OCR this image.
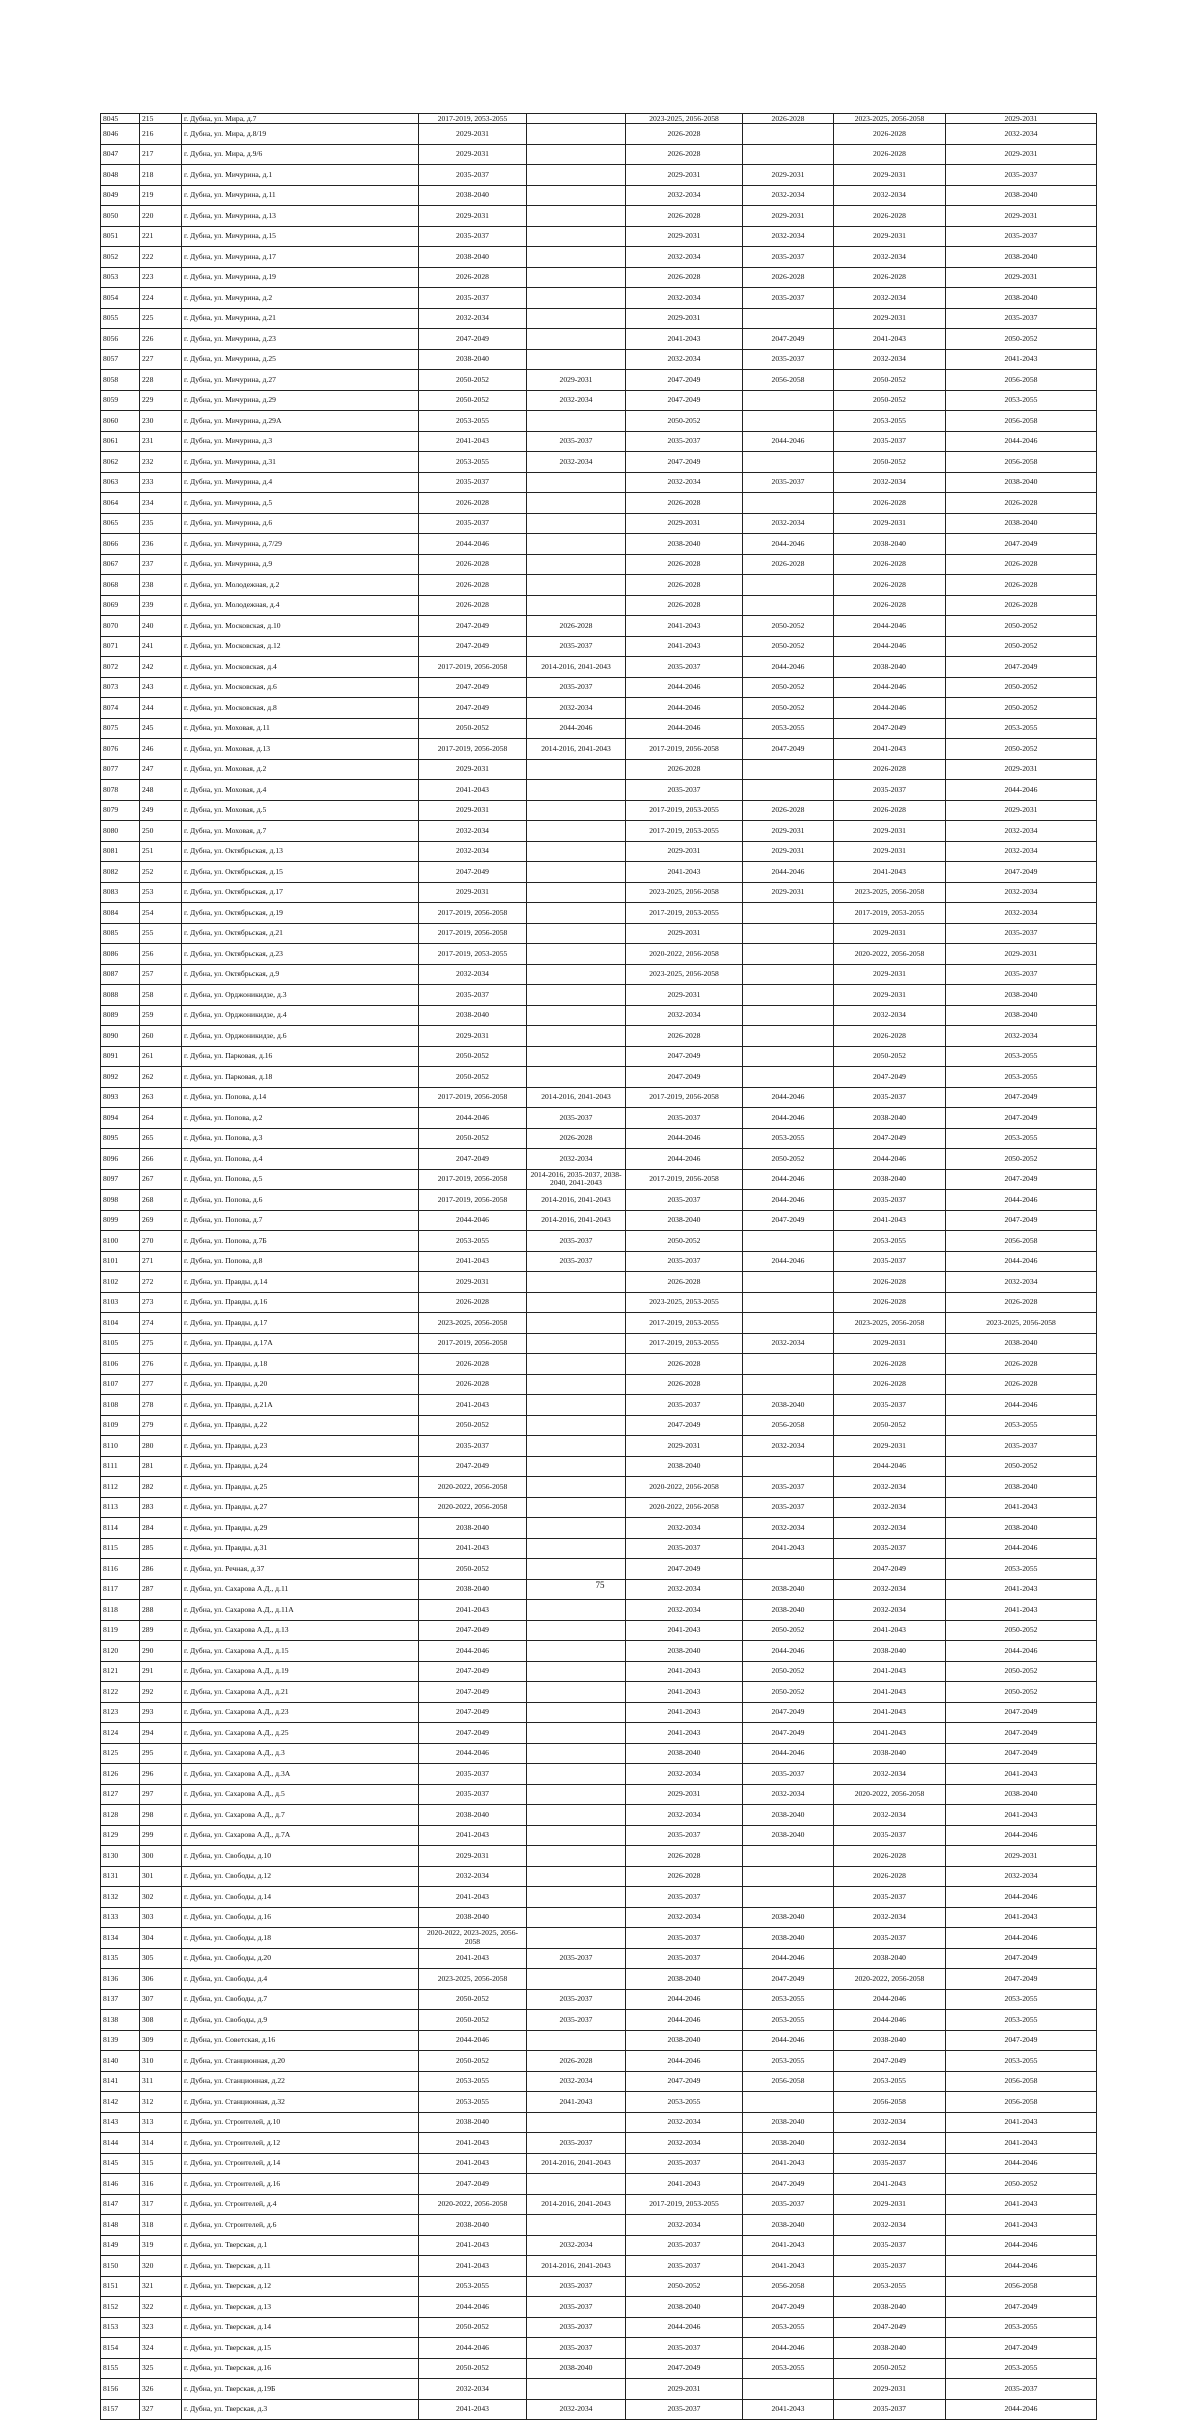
8045	215	г. Дубна, ул. Мира, д.7	2017-2019, 2053-2055		2023-2025, 2056-2058	2026-2028	2023-2025, 2056-2058	2029-2031
8046	216	г. Дубна, ул. Мира, д.8/19	2029-2031		2026-2028		2026-2028	2032-2034
8047	217	г. Дубна, ул. Мира, д.9/6	2029-2031		2026-2028		2026-2028	2029-2031
8048	218	г. Дубна, ул. Мичурина, д.1	2035-2037		2029-2031	2029-2031	2029-2031	2035-2037
8049	219	г. Дубна, ул. Мичурина, д.11	2038-2040		2032-2034	2032-2034	2032-2034	2038-2040
8050	220	г. Дубна, ул. Мичурина, д.13	2029-2031		2026-2028	2029-2031	2026-2028	2029-2031
8051	221	г. Дубна, ул. Мичурина, д.15	2035-2037		2029-2031	2032-2034	2029-2031	2035-2037
8052	222	г. Дубна, ул. Мичурина, д.17	2038-2040		2032-2034	2035-2037	2032-2034	2038-2040
8053	223	г. Дубна, ул. Мичурина, д.19	2026-2028		2026-2028	2026-2028	2026-2028	2029-2031
8054	224	г. Дубна, ул. Мичурина, д.2	2035-2037		2032-2034	2035-2037	2032-2034	2038-2040
8055	225	г. Дубна, ул. Мичурина, д.21	2032-2034		2029-2031		2029-2031	2035-2037
8056	226	г. Дубна, ул. Мичурина, д.23	2047-2049		2041-2043	2047-2049	2041-2043	2050-2052
8057	227	г. Дубна, ул. Мичурина, д.25	2038-2040		2032-2034	2035-2037	2032-2034	2041-2043
8058	228	г. Дубна, ул. Мичурина, д.27	2050-2052	2029-2031	2047-2049	2056-2058	2050-2052	2056-2058
8059	229	г. Дубна, ул. Мичурина, д.29	2050-2052	2032-2034	2047-2049		2050-2052	2053-2055
8060	230	г. Дубна, ул. Мичурина, д.29А	2053-2055		2050-2052		2053-2055	2056-2058
8061	231	г. Дубна, ул. Мичурина, д.3	2041-2043	2035-2037	2035-2037	2044-2046	2035-2037	2044-2046
8062	232	г. Дубна, ул. Мичурина, д.31	2053-2055	2032-2034	2047-2049		2050-2052	2056-2058
8063	233	г. Дубна, ул. Мичурина, д.4	2035-2037		2032-2034	2035-2037	2032-2034	2038-2040
8064	234	г. Дубна, ул. Мичурина, д.5	2026-2028		2026-2028		2026-2028	2026-2028
8065	235	г. Дубна, ул. Мичурина, д.6	2035-2037		2029-2031	2032-2034	2029-2031	2038-2040
8066	236	г. Дубна, ул. Мичурина, д.7/29	2044-2046		2038-2040	2044-2046	2038-2040	2047-2049
8067	237	г. Дубна, ул. Мичурина, д.9	2026-2028		2026-2028	2026-2028	2026-2028	2026-2028
8068	238	г. Дубна, ул. Молодежная, д.2	2026-2028		2026-2028		2026-2028	2026-2028
8069	239	г. Дубна, ул. Молодежная, д.4	2026-2028		2026-2028		2026-2028	2026-2028
8070	240	г. Дубна, ул. Московская, д.10	2047-2049	2026-2028	2041-2043	2050-2052	2044-2046	2050-2052
8071	241	г. Дубна, ул. Московская, д.12	2047-2049	2035-2037	2041-2043	2050-2052	2044-2046	2050-2052
8072	242	г. Дубна, ул. Московская, д.4	2017-2019, 2056-2058	2014-2016, 2041-2043	2035-2037	2044-2046	2038-2040	2047-2049
8073	243	г. Дубна, ул. Московская, д.6	2047-2049	2035-2037	2044-2046	2050-2052	2044-2046	2050-2052
8074	244	г. Дубна, ул. Московская, д.8	2047-2049	2032-2034	2044-2046	2050-2052	2044-2046	2050-2052
8075	245	г. Дубна, ул. Моховая, д.11	2050-2052	2044-2046	2044-2046	2053-2055	2047-2049	2053-2055
8076	246	г. Дубна, ул. Моховая, д.13	2017-2019, 2056-2058	2014-2016, 2041-2043	2017-2019, 2056-2058	2047-2049	2041-2043	2050-2052
8077	247	г. Дубна, ул. Моховая, д.2	2029-2031		2026-2028		2026-2028	2029-2031
8078	248	г. Дубна, ул. Моховая, д.4	2041-2043		2035-2037		2035-2037	2044-2046
8079	249	г. Дубна, ул. Моховая, д.5	2029-2031		2017-2019, 2053-2055	2026-2028	2026-2028	2029-2031
8080	250	г. Дубна, ул. Моховая, д.7	2032-2034		2017-2019, 2053-2055	2029-2031	2029-2031	2032-2034
8081	251	г. Дубна, ул. Октябрьская, д.13	2032-2034		2029-2031	2029-2031	2029-2031	2032-2034
8082	252	г. Дубна, ул. Октябрьская, д.15	2047-2049		2041-2043	2044-2046	2041-2043	2047-2049
8083	253	г. Дубна, ул. Октябрьская, д.17	2029-2031		2023-2025, 2056-2058	2029-2031	2023-2025, 2056-2058	2032-2034
8084	254	г. Дубна, ул. Октябрьская, д.19	2017-2019, 2056-2058		2017-2019, 2053-2055		2017-2019, 2053-2055	2032-2034
8085	255	г. Дубна, ул. Октябрьская, д.21	2017-2019, 2056-2058		2029-2031		2029-2031	2035-2037
8086	256	г. Дубна, ул. Октябрьская, д.23	2017-2019, 2053-2055		2020-2022, 2056-2058		2020-2022, 2056-2058	2029-2031
8087	257	г. Дубна, ул. Октябрьская, д.9	2032-2034		2023-2025, 2056-2058		2029-2031	2035-2037
8088	258	г. Дубна, ул. Орджоникидзе, д.3	2035-2037		2029-2031		2029-2031	2038-2040
8089	259	г. Дубна, ул. Орджоникидзе, д.4	2038-2040		2032-2034		2032-2034	2038-2040
8090	260	г. Дубна, ул. Орджоникидзе, д.6	2029-2031		2026-2028		2026-2028	2032-2034
8091	261	г. Дубна, ул. Парковая, д.16	2050-2052		2047-2049		2050-2052	2053-2055
8092	262	г. Дубна, ул. Парковая, д.18	2050-2052		2047-2049		2047-2049	2053-2055
8093	263	г. Дубна, ул. Попова, д.14	2017-2019, 2056-2058	2014-2016, 2041-2043	2017-2019, 2056-2058	2044-2046	2035-2037	2047-2049
8094	264	г. Дубна, ул. Попова, д.2	2044-2046	2035-2037	2035-2037	2044-2046	2038-2040	2047-2049
8095	265	г. Дубна, ул. Попова, д.3	2050-2052	2026-2028	2044-2046	2053-2055	2047-2049	2053-2055
8096	266	г. Дубна, ул. Попова, д.4	2047-2049	2032-2034	2044-2046	2050-2052	2044-2046	2050-2052
8097	267	г. Дубна, ул. Попова, д.5	2017-2019, 2056-2058	2014-2016, 2035-2037, 2038-2040, 2041-2043	2017-2019, 2056-2058	2044-2046	2038-2040	2047-2049
8098	268	г. Дубна, ул. Попова, д.6	2017-2019, 2056-2058	2014-2016, 2041-2043	2035-2037	2044-2046	2035-2037	2044-2046
8099	269	г. Дубна, ул. Попова, д.7	2044-2046	2014-2016, 2041-2043	2038-2040	2047-2049	2041-2043	2047-2049
8100	270	г. Дубна, ул. Попова, д.7Б	2053-2055	2035-2037	2050-2052		2053-2055	2056-2058
8101	271	г. Дубна, ул. Попова, д.8	2041-2043	2035-2037	2035-2037	2044-2046	2035-2037	2044-2046
8102	272	г. Дубна, ул. Правды, д.14	2029-2031		2026-2028		2026-2028	2032-2034
8103	273	г. Дубна, ул. Правды, д.16	2026-2028		2023-2025, 2053-2055		2026-2028	2026-2028
8104	274	г. Дубна, ул. Правды, д.17	2023-2025, 2056-2058		2017-2019, 2053-2055		2023-2025, 2056-2058	2023-2025, 2056-2058
8105	275	г. Дубна, ул. Правды, д.17А	2017-2019, 2056-2058		2017-2019, 2053-2055	2032-2034	2029-2031	2038-2040
8106	276	г. Дубна, ул. Правды, д.18	2026-2028		2026-2028		2026-2028	2026-2028
8107	277	г. Дубна, ул. Правды, д.20	2026-2028		2026-2028		2026-2028	2026-2028
8108	278	г. Дубна, ул. Правды, д.21А	2041-2043		2035-2037	2038-2040	2035-2037	2044-2046
8109	279	г. Дубна, ул. Правды, д.22	2050-2052		2047-2049	2056-2058	2050-2052	2053-2055
8110	280	г. Дубна, ул. Правды, д.23	2035-2037		2029-2031	2032-2034	2029-2031	2035-2037
8111	281	г. Дубна, ул. Правды, д.24	2047-2049		2038-2040		2044-2046	2050-2052
8112	282	г. Дубна, ул. Правды, д.25	2020-2022, 2056-2058		2020-2022, 2056-2058	2035-2037	2032-2034	2038-2040
8113	283	г. Дубна, ул. Правды, д.27	2020-2022, 2056-2058		2020-2022, 2056-2058	2035-2037	2032-2034	2041-2043
8114	284	г. Дубна, ул. Правды, д.29	2038-2040		2032-2034	2032-2034	2032-2034	2038-2040
8115	285	г. Дубна, ул. Правды, д.31	2041-2043		2035-2037	2041-2043	2035-2037	2044-2046
8116	286	г. Дубна, ул. Речная, д.37	2050-2052		2047-2049		2047-2049	2053-2055
8117	287	г. Дубна, ул. Сахарова А.Д., д.11	2038-2040		2032-2034	2038-2040	2032-2034	2041-2043
8118	288	г. Дубна, ул. Сахарова А.Д., д.11А	2041-2043		2032-2034	2038-2040	2032-2034	2041-2043
8119	289	г. Дубна, ул. Сахарова А.Д., д.13	2047-2049		2041-2043	2050-2052	2041-2043	2050-2052
8120	290	г. Дубна, ул. Сахарова А.Д., д.15	2044-2046		2038-2040	2044-2046	2038-2040	2044-2046
8121	291	г. Дубна, ул. Сахарова А.Д., д.19	2047-2049		2041-2043	2050-2052	2041-2043	2050-2052
8122	292	г. Дубна, ул. Сахарова А.Д., д.21	2047-2049		2041-2043	2050-2052	2041-2043	2050-2052
8123	293	г. Дубна, ул. Сахарова А.Д., д.23	2047-2049		2041-2043	2047-2049	2041-2043	2047-2049
8124	294	г. Дубна, ул. Сахарова А.Д., д.25	2047-2049		2041-2043	2047-2049	2041-2043	2047-2049
8125	295	г. Дубна, ул. Сахарова А.Д., д.3	2044-2046		2038-2040	2044-2046	2038-2040	2047-2049
8126	296	г. Дубна, ул. Сахарова А.Д., д.3А	2035-2037		2032-2034	2035-2037	2032-2034	2041-2043
8127	297	г. Дубна, ул. Сахарова А.Д., д.5	2035-2037		2029-2031	2032-2034	2020-2022, 2056-2058	2038-2040
8128	298	г. Дубна, ул. Сахарова А.Д., д.7	2038-2040		2032-2034	2038-2040	2032-2034	2041-2043
8129	299	г. Дубна, ул. Сахарова А.Д., д.7А	2041-2043		2035-2037	2038-2040	2035-2037	2044-2046
8130	300	г. Дубна, ул. Свободы, д.10	2029-2031		2026-2028		2026-2028	2029-2031
8131	301	г. Дубна, ул. Свободы, д.12	2032-2034		2026-2028		2026-2028	2032-2034
8132	302	г. Дубна, ул. Свободы, д.14	2041-2043		2035-2037		2035-2037	2044-2046
8133	303	г. Дубна, ул. Свободы, д.16	2038-2040		2032-2034	2038-2040	2032-2034	2041-2043
8134	304	г. Дубна, ул. Свободы, д.18	2020-2022, 2023-2025, 2056-2058		2035-2037	2038-2040	2035-2037	2044-2046
8135	305	г. Дубна, ул. Свободы, д.20	2041-2043	2035-2037	2035-2037	2044-2046	2038-2040	2047-2049
8136	306	г. Дубна, ул. Свободы, д.4	2023-2025, 2056-2058		2038-2040	2047-2049	2020-2022, 2056-2058	2047-2049
8137	307	г. Дубна, ул. Свободы, д.7	2050-2052	2035-2037	2044-2046	2053-2055	2044-2046	2053-2055
8138	308	г. Дубна, ул. Свободы, д.9	2050-2052	2035-2037	2044-2046	2053-2055	2044-2046	2053-2055
8139	309	г. Дубна, ул. Советская, д.16	2044-2046		2038-2040	2044-2046	2038-2040	2047-2049
8140	310	г. Дубна, ул. Станционная, д.20	2050-2052	2026-2028	2044-2046	2053-2055	2047-2049	2053-2055
8141	311	г. Дубна, ул. Станционная, д.22	2053-2055	2032-2034	2047-2049	2056-2058	2053-2055	2056-2058
8142	312	г. Дубна, ул. Станционная, д.32	2053-2055	2041-2043	2053-2055		2056-2058	2056-2058
8143	313	г. Дубна, ул. Строителей, д.10	2038-2040		2032-2034	2038-2040	2032-2034	2041-2043
8144	314	г. Дубна, ул. Строителей, д.12	2041-2043	2035-2037	2032-2034	2038-2040	2032-2034	2041-2043
8145	315	г. Дубна, ул. Строителей, д.14	2041-2043	2014-2016, 2041-2043	2035-2037	2041-2043	2035-2037	2044-2046
8146	316	г. Дубна, ул. Строителей, д.16	2047-2049		2041-2043	2047-2049	2041-2043	2050-2052
8147	317	г. Дубна, ул. Строителей, д.4	2020-2022, 2056-2058	2014-2016, 2041-2043	2017-2019, 2053-2055	2035-2037	2029-2031	2041-2043
8148	318	г. Дубна, ул. Строителей, д.6	2038-2040		2032-2034	2038-2040	2032-2034	2041-2043
8149	319	г. Дубна, ул. Тверская, д.1	2041-2043	2032-2034	2035-2037	2041-2043	2035-2037	2044-2046
8150	320	г. Дубна, ул. Тверская, д.11	2041-2043	2014-2016, 2041-2043	2035-2037	2041-2043	2035-2037	2044-2046
8151	321	г. Дубна, ул. Тверская, д.12	2053-2055	2035-2037	2050-2052	2056-2058	2053-2055	2056-2058
8152	322	г. Дубна, ул. Тверская, д.13	2044-2046	2035-2037	2038-2040	2047-2049	2038-2040	2047-2049
8153	323	г. Дубна, ул. Тверская, д.14	2050-2052	2035-2037	2044-2046	2053-2055	2047-2049	2053-2055
8154	324	г. Дубна, ул. Тверская, д.15	2044-2046	2035-2037	2035-2037	2044-2046	2038-2040	2047-2049
8155	325	г. Дубна, ул. Тверская, д.16	2050-2052	2038-2040	2047-2049	2053-2055	2050-2052	2053-2055
8156	326	г. Дубна, ул. Тверская, д.19Б	2032-2034		2029-2031		2029-2031	2035-2037
8157	327	г. Дубна, ул. Тверская, д.3	2041-2043	2032-2034	2035-2037	2041-2043	2035-2037	2044-2046
75
